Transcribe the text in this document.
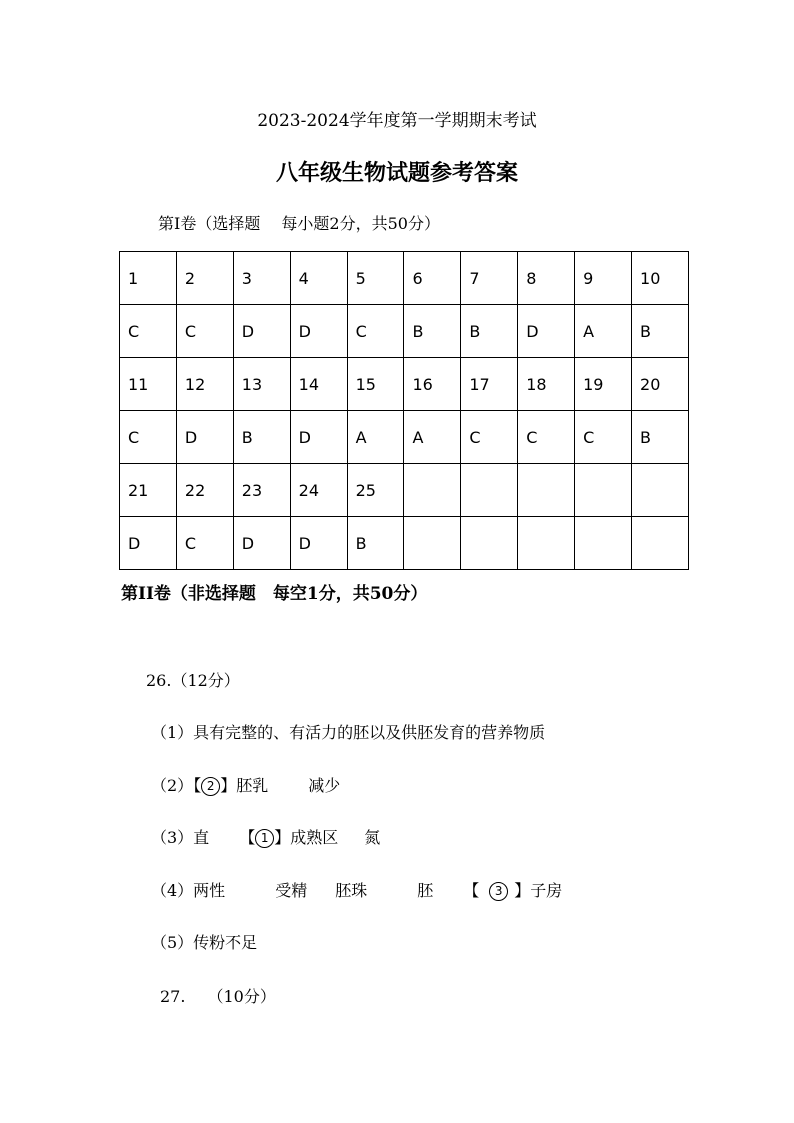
2023-2024学年度第一学期期末考试
八年级生物试题参考答案
第I卷（选择题　 每小题2分，共50分）
1	2	3	4	5	6	7	8	9	10
C	C	D	D	C	B	B	D	A	B
11	12	13	14	15	16	17	18	19	20
C	D	B	D	A	A	C	C	C	B
21	22	23	24	25					
D	C	D	D	B					
第II卷（非选择题　每空1分，共50分）
26.（12分）
（1）具有完整的、有活力的胚以及供胚发育的营养物质
（2）【 2 】胚乳	减少
（3）直 【 1 】成熟区 氮
（4）两性	受精 胚珠	胚 【 3 】子房
（5）传粉不足
27. （10分）
